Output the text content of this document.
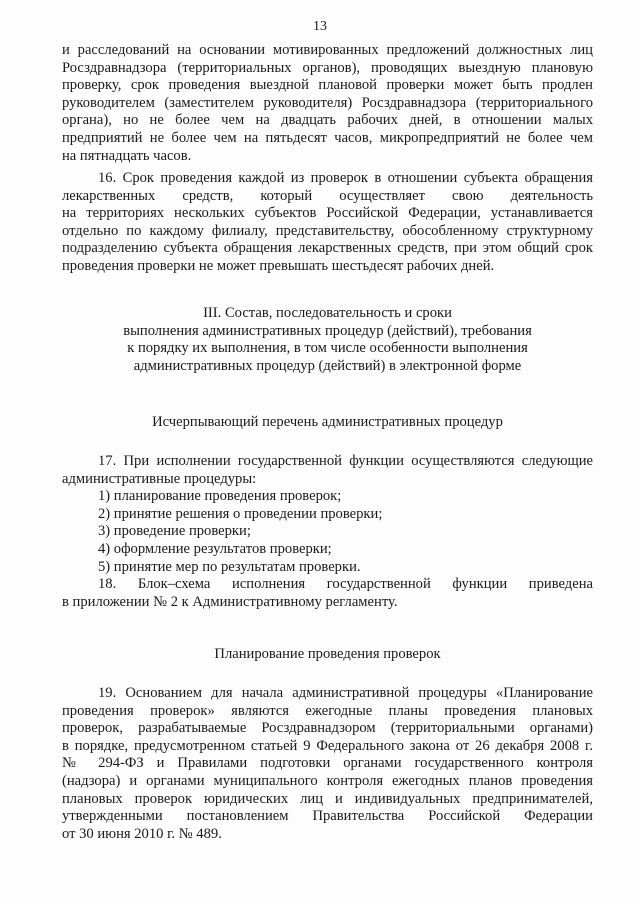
13
и расследований на основании мотивированных предложений должностных лиц
Росздравнадзора (территориальных органов), проводящих выездную плановую
проверку, срок проведения выездной плановой проверки может быть продлен
руководителем (заместителем руководителя) Росздравнадзора (территориального
органа), но не более чем на двадцать рабочих дней, в отношении малых
предприятий не более чем на пятьдесят часов, микропредприятий не более чем
на пятнадцать часов.
16. Срок проведения каждой из проверок в отношении субъекта обращения
лекарственных средств, который осуществляет свою деятельность
на территориях нескольких субъектов Российской Федерации, устанавливается
отдельно по каждому филиалу, представительству, обособленному структурному
подразделению субъекта обращения лекарственных средств, при этом общий срок
проведения проверки не может превышать шестьдесят рабочих дней.
III. Состав, последовательность и сроки
выполнения административных процедур (действий), требования
к порядку их выполнения, в том числе особенности выполнения
административных процедур (действий) в электронной форме
Исчерпывающий перечень административных процедур
17. При исполнении государственной функции осуществляются следующие
административные процедуры:
1) планирование проведения проверок;
2) принятие решения о проведении проверки;
3) проведение проверки;
4) оформление результатов проверки;
5) принятие мер по результатам проверки.
18. Блок–схема исполнения государственной функции приведена
в приложении № 2 к Административному регламенту.
Планирование проведения проверок
19. Основанием для начала административной процедуры «Планирование
проведения проверок» являются ежегодные планы проведения плановых
проверок, разрабатываемые Росздравнадзором (территориальными органами)
в порядке, предусмотренном статьей 9 Федерального закона от 26 декабря 2008 г.
№ 294-ФЗ и Правилами подготовки органами государственного контроля
(надзора) и органами муниципального контроля ежегодных планов проведения
плановых проверок юридических лиц и индивидуальных предпринимателей,
утвержденными постановлением Правительства Российской Федерации
от 30 июня 2010 г. № 489.
